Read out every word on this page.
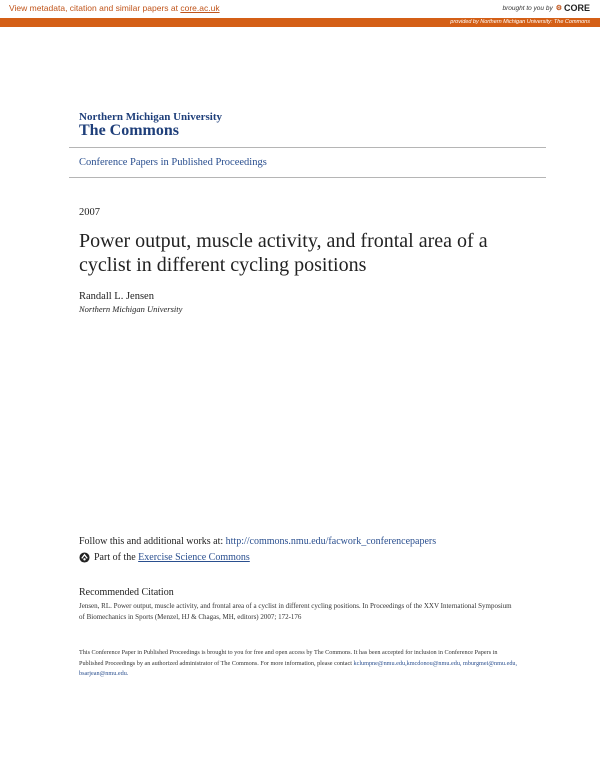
View metadata, citation and similar papers at core.ac.uk	brought to you by ⚙ CORE
provided by Northern Michigan University: The Commons
Northern Michigan University
The Commons
Conference Papers in Published Proceedings
2007
Power output, muscle activity, and frontal area of a cyclist in different cycling positions
Randall L. Jensen
Northern Michigan University
Follow this and additional works at: http://commons.nmu.edu/facwork_conferencepapers
Part of the Exercise Science Commons
Recommended Citation
Jensen, RL. Power output, muscle activity, and frontal area of a cyclist in different cycling positions. In Proceedings of the XXV International Symposium of Biomechanics in Sports (Menzel, HJ & Chagas, MH, editors) 2007; 172-176
This Conference Paper in Published Proceedings is brought to you for free and open access by The Commons. It has been accepted for inclusion in Conference Papers in Published Proceedings by an authorized administrator of The Commons. For more information, please contact kclumpne@nmu.edu,kmcdonou@nmu.edu, mburgmei@nmu.edu, bsarjean@nmu.edu.
